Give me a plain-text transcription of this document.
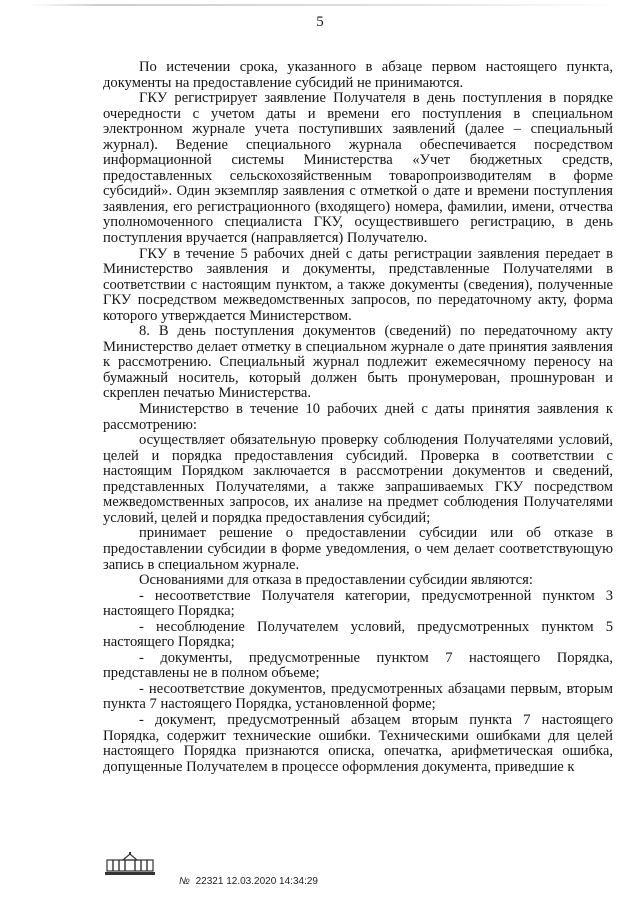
5

По истечении срока, указанного в абзаце первом настоящего пункта, документы на предоставление субсидий не принимаются.

ГКУ регистрирует заявление Получателя в день поступления в порядке очередности с учетом даты и времени его поступления в специальном электронном журнале учета поступивших заявлений (далее – специальный журнал). Ведение специального журнала обеспечивается посредством информационной системы Министерства «Учет бюджетных средств, предоставленных сельскохозяйственным товаропроизводителям в форме субсидий». Один экземпляр заявления с отметкой о дате и времени поступления заявления, его регистрационного (входящего) номера, фамилии, имени, отчества уполномоченного специалиста ГКУ, осуществившего регистрацию, в день поступления вручается (направляется) Получателю.

ГКУ в течение 5 рабочих дней с даты регистрации заявления передает в Министерство заявления и документы, представленные Получателями в соответствии с настоящим пунктом, а также документы (сведения), полученные ГКУ посредством межведомственных запросов, по передаточному акту, форма которого утверждается Министерством.

8. В день поступления документов (сведений) по передаточному акту Министерство делает отметку в специальном журнале о дате принятия заявления к рассмотрению. Специальный журнал подлежит ежемесячному переносу на бумажный носитель, который должен быть пронумерован, прошнурован и скреплен печатью Министерства.

Министерство в течение 10 рабочих дней с даты принятия заявления к рассмотрению:

осуществляет обязательную проверку соблюдения Получателями условий, целей и порядка предоставления субсидий. Проверка в соответствии с настоящим Порядком заключается в рассмотрении документов и сведений, представленных Получателями, а также запрашиваемых ГКУ посредством межведомственных запросов, их анализе на предмет соблюдения Получателями условий, целей и порядка предоставления субсидий;

принимает решение о предоставлении субсидии или об отказе в предоставлении субсидии в форме уведомления, о чем делает соответствующую запись в специальном журнале.

Основаниями для отказа в предоставлении субсидии являются:

- несоответствие Получателя категории, предусмотренной пунктом 3 настоящего Порядка;

- несоблюдение Получателем условий, предусмотренных пунктом 5 настоящего Порядка;

- документы, предусмотренные пунктом 7 настоящего Порядка, представлены не в полном объеме;

- несоответствие документов, предусмотренных абзацами первым, вторым пункта 7 настоящего Порядка, установленной форме;

- документ, предусмотренный абзацем вторым пункта 7 настоящего Порядка, содержит технические ошибки. Техническими ошибками для целей настоящего Порядка признаются описка, опечатка, арифметическая ошибка, допущенные Получателем в процессе оформления документа, приведшие к

№ 22321 12.03.2020 14:34:29
